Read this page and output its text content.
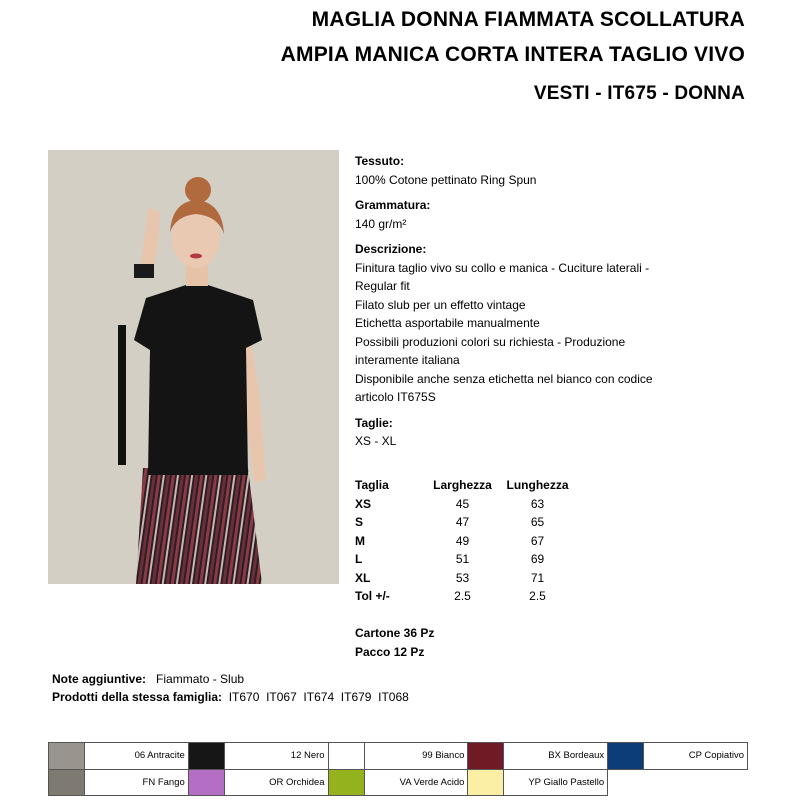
MAGLIA DONNA FIAMMATA SCOLLATURA
AMPIA MANICA CORTA INTERA TAGLIO VIVO
VESTI - IT675 - DONNA
Tessuto:
100% Cotone pettinato Ring Spun
Grammatura:
140 gr/m²
Descrizione:
Finitura taglio vivo su collo e manica - Cuciture laterali -
Regular fit
Filato slub per un effetto vintage
Etichetta asportabile manualmente
Possibili produzioni colori su richiesta - Produzione
interamente italiana
Disponibile anche senza etichetta nel bianco con codice
articolo IT675S
Taglie:
XS - XL
Taglia	Larghezza	Lunghezza
XS	45	63
S	47	65
M	49	67
L	51	69
XL	53	71
Tol +/-	2.5	2.5
Cartone 36 Pz
Pacco 12 Pz
Note aggiuntive: Fiammato - Slub
Prodotti della stessa famiglia: IT670  IT067  IT674  IT679  IT068
	06 Antracite		12 Nero		99 Bianco		BX Bordeaux		CP Copiativo
	FN Fango		OR Orchidea		VA Verde Acido		YP Giallo Pastello		
